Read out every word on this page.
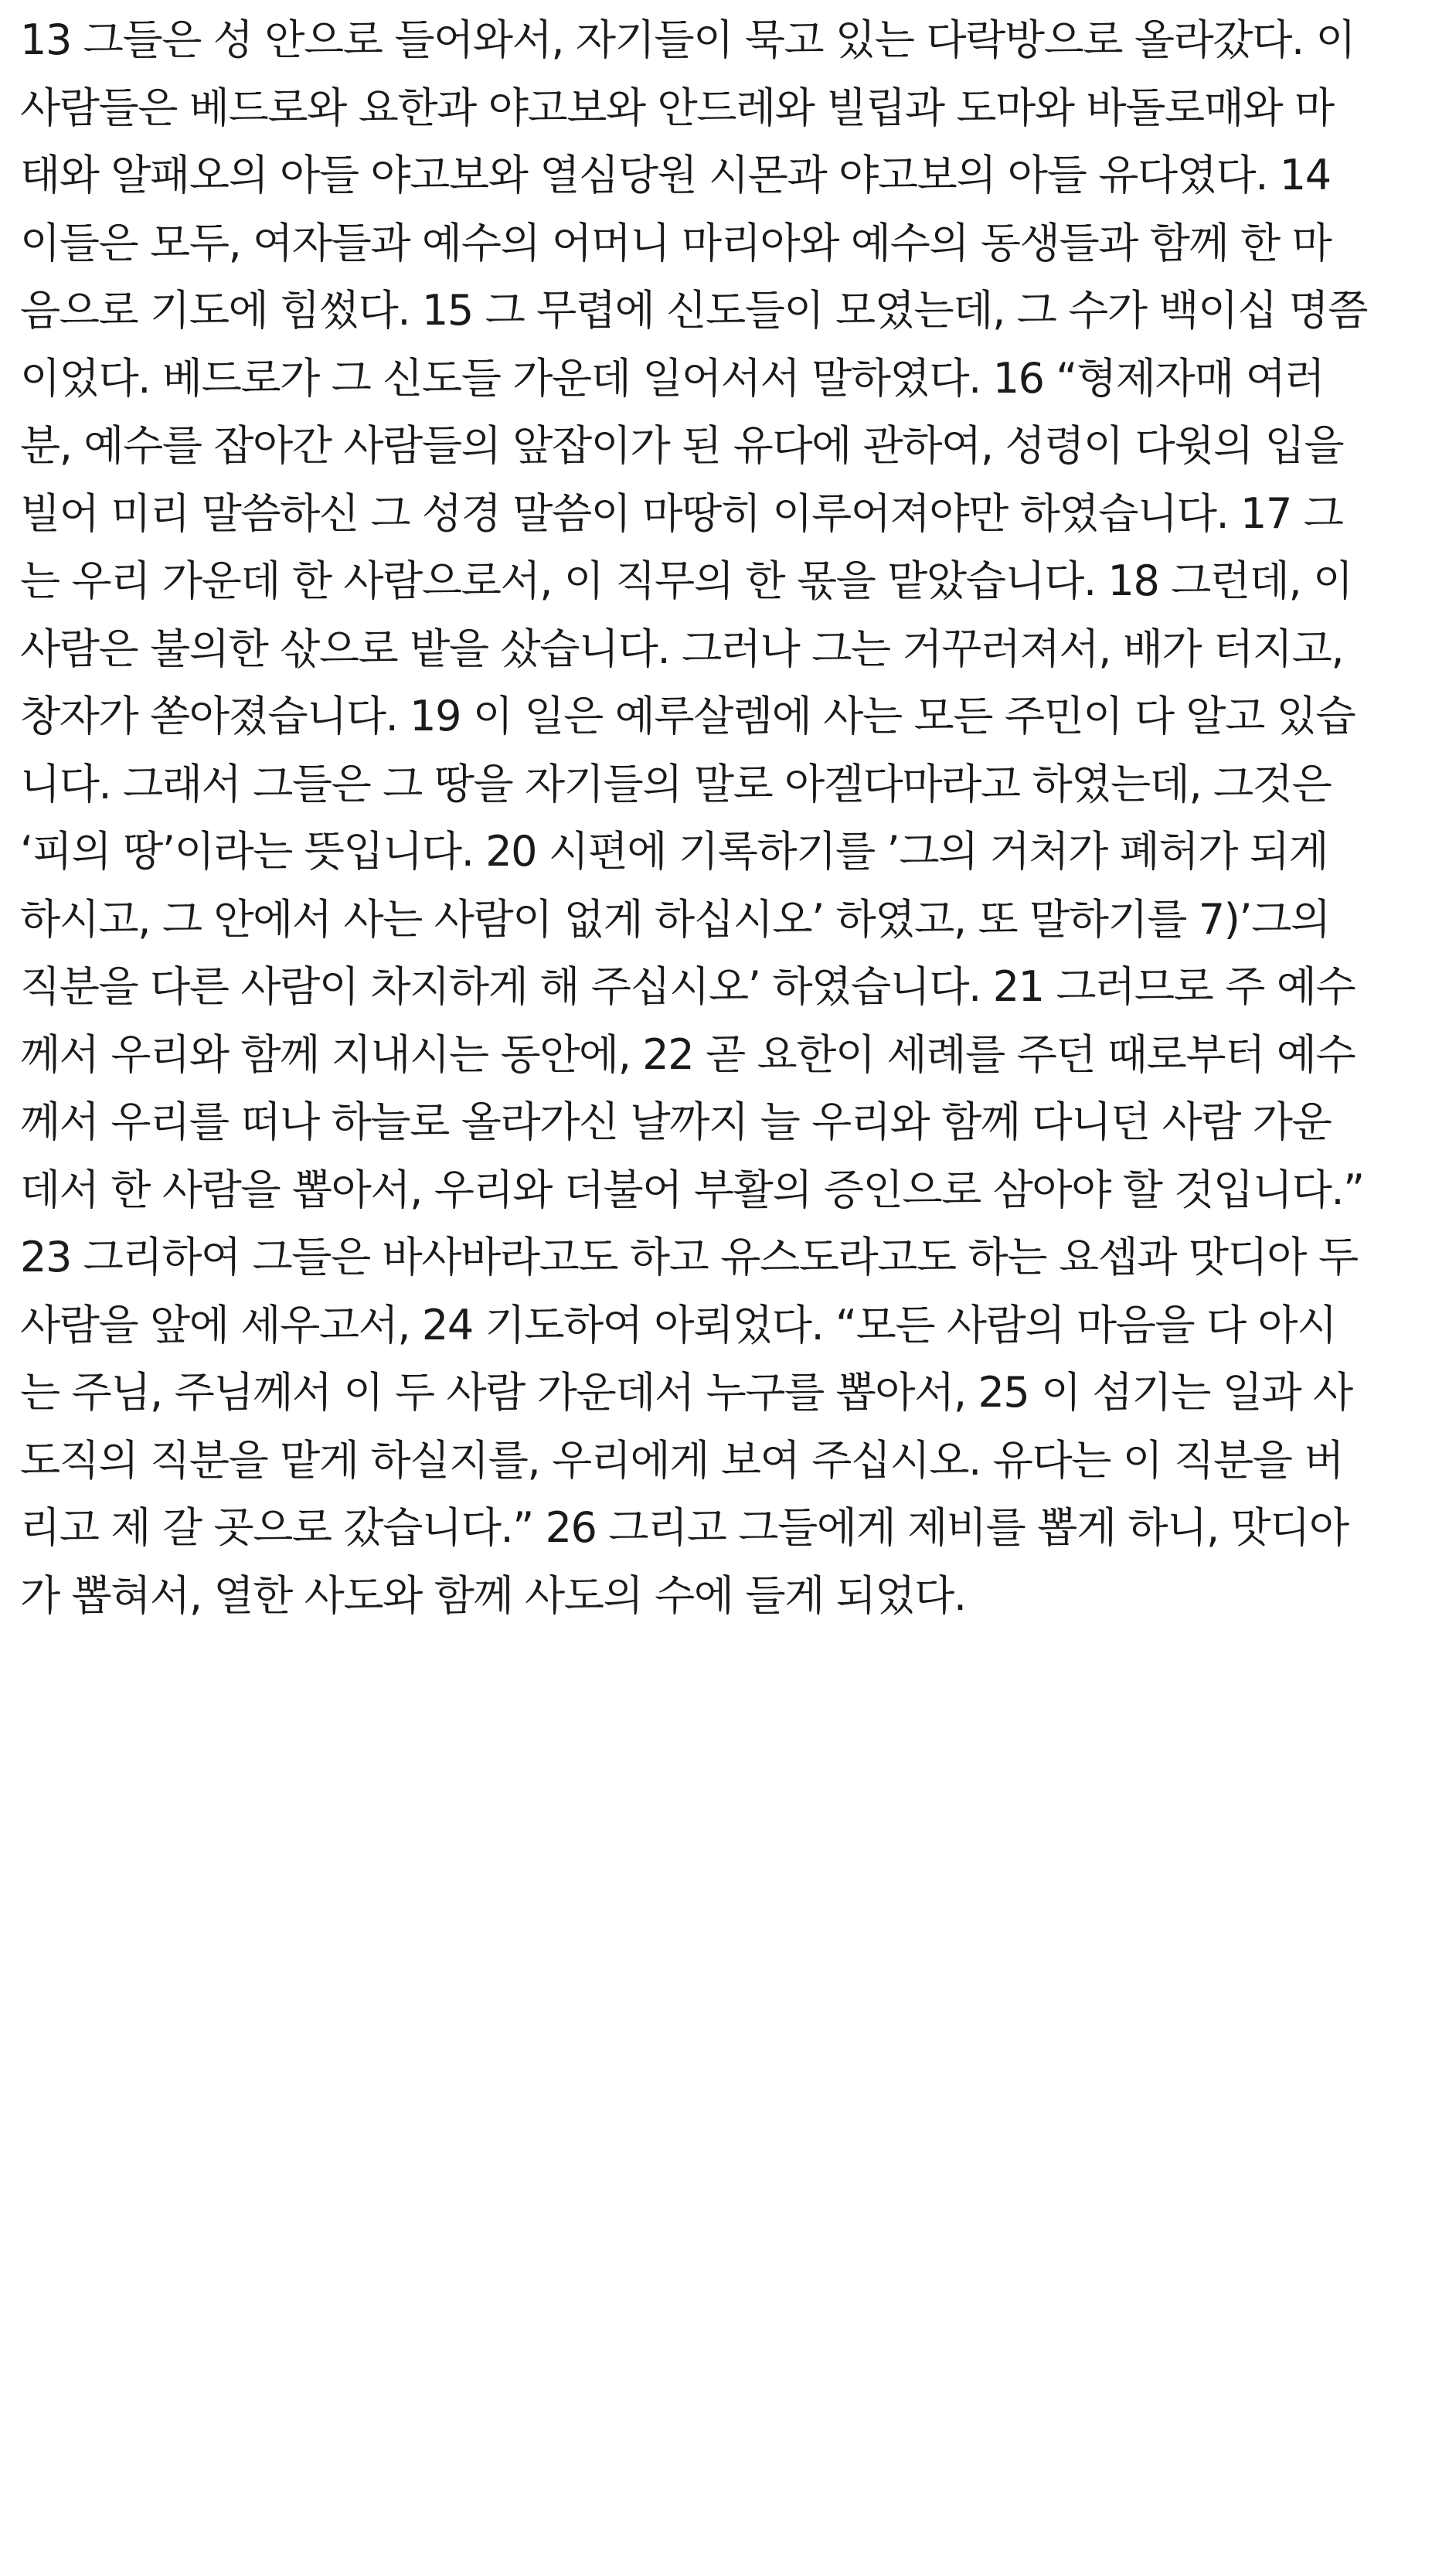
13 그들은 성 안으로 들어와서, 자기들이 묵고 있는 다락방으로 올라갔다. 이
사람들은 베드로와 요한과 야고보와 안드레와 빌립과 도마와 바돌로매와 마
태와 알패오의 아들 야고보와 열심당원 시몬과 야고보의 아들 유다였다. 14
이들은 모두, 여자들과 예수의 어머니 마리아와 예수의 동생들과 함께 한 마
음으로 기도에 힘썼다. 15 그 무렵에 신도들이 모였는데, 그 수가 백이십 명쯤
이었다. 베드로가 그 신도들 가운데 일어서서 말하였다. 16 “형제자매 여러
분, 예수를 잡아간 사람들의 앞잡이가 된 유다에 관하여, 성령이 다윗의 입을
빌어 미리 말씀하신 그 성경 말씀이 마땅히 이루어져야만 하였습니다. 17 그
는 우리 가운데 한 사람으로서, 이 직무의 한 몫을 맡았습니다. 18 그런데, 이
사람은 불의한 삯으로 밭을 샀습니다. 그러나 그는 거꾸러져서, 배가 터지고,
창자가 쏟아졌습니다. 19 이 일은 예루살렘에 사는 모든 주민이 다 알고 있습
니다. 그래서 그들은 그 땅을 자기들의 말로 아겔다마라고 하였는데, 그것은
‘피의 땅’이라는 뜻입니다. 20 시편에 기록하기를 ’그의 거처가 폐허가 되게
하시고, 그 안에서 사는 사람이 없게 하십시오’ 하였고, 또 말하기를 7)’그의
직분을 다른 사람이 차지하게 해 주십시오’ 하였습니다. 21 그러므로 주 예수
께서 우리와 함께 지내시는 동안에, 22 곧 요한이 세례를 주던 때로부터 예수
께서 우리를 떠나 하늘로 올라가신 날까지 늘 우리와 함께 다니던 사람 가운
데서 한 사람을 뽑아서, 우리와 더불어 부활의 증인으로 삼아야 할 것입니다.”
23 그리하여 그들은 바사바라고도 하고 유스도라고도 하는 요셉과 맛디아 두
사람을 앞에 세우고서, 24 기도하여 아뢰었다. “모든 사람의 마음을 다 아시
는 주님, 주님께서 이 두 사람 가운데서 누구를 뽑아서, 25 이 섬기는 일과 사
도직의 직분을 맡게 하실지를, 우리에게 보여 주십시오. 유다는 이 직분을 버
리고 제 갈 곳으로 갔습니다.” 26 그리고 그들에게 제비를 뽑게 하니, 맛디아
가 뽑혀서, 열한 사도와 함께 사도의 수에 들게 되었다.
